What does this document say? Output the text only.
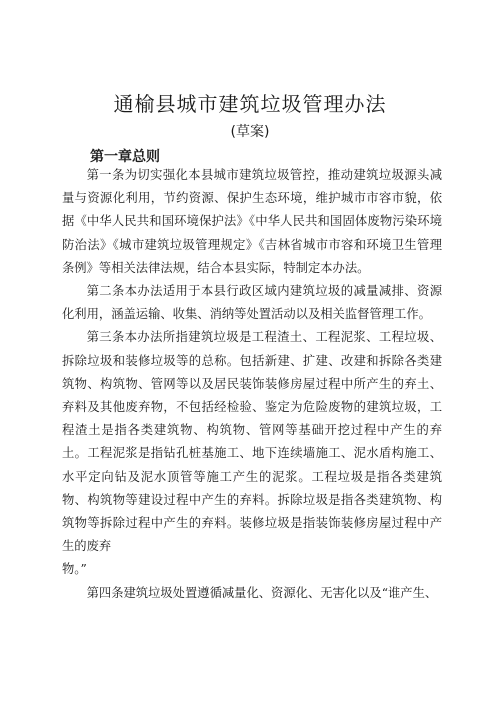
通榆县城市建筑垃圾管理办法
(草案)
第一章总则

第一条为切实强化本县城市建筑垃圾管控，推动建筑垃圾源头减量与资源化利用，节约资源、保护生态环境，维护城市市容市貌，依据《中华人民共和国环境保护法》《中华人民共和国固体废物污染环境防治法》《城市建筑垃圾管理规定》《吉林省城市市容和环境卫生管理条例》等相关法律法规，结合本县实际，特制定本办法。

第二条本办法适用于本县行政区域内建筑垃圾的减量减排、资源化利用，涵盖运输、收集、消纳等处置活动以及相关监督管理工作。

第三条本办法所指建筑垃圾是工程渣土、工程泥浆、工程垃圾、拆除垃圾和装修垃圾等的总称。包括新建、扩建、改建和拆除各类建筑物、构筑物、管网等以及居民装饰装修房屋过程中所产生的弃土、弃料及其他废弃物，不包括经检验、鉴定为危险废物的建筑垃圾，工程渣土是指各类建筑物、构筑物、管网等基础开挖过程中产生的弃土。工程泥浆是指钻孔桩基施工、地下连续墙施工、泥水盾构施工、水平定向钻及泥水顶管等施工产生的泥浆。工程垃圾是指各类建筑物、构筑物等建设过程中产生的弃料。拆除垃圾是指各类建筑物、构筑物等拆除过程中产生的弃料。装修垃圾是指装饰装修房屋过程中产生的废弃
物。”

第四条建筑垃圾处置遵循减量化、资源化、无害化以及“谁产生、
